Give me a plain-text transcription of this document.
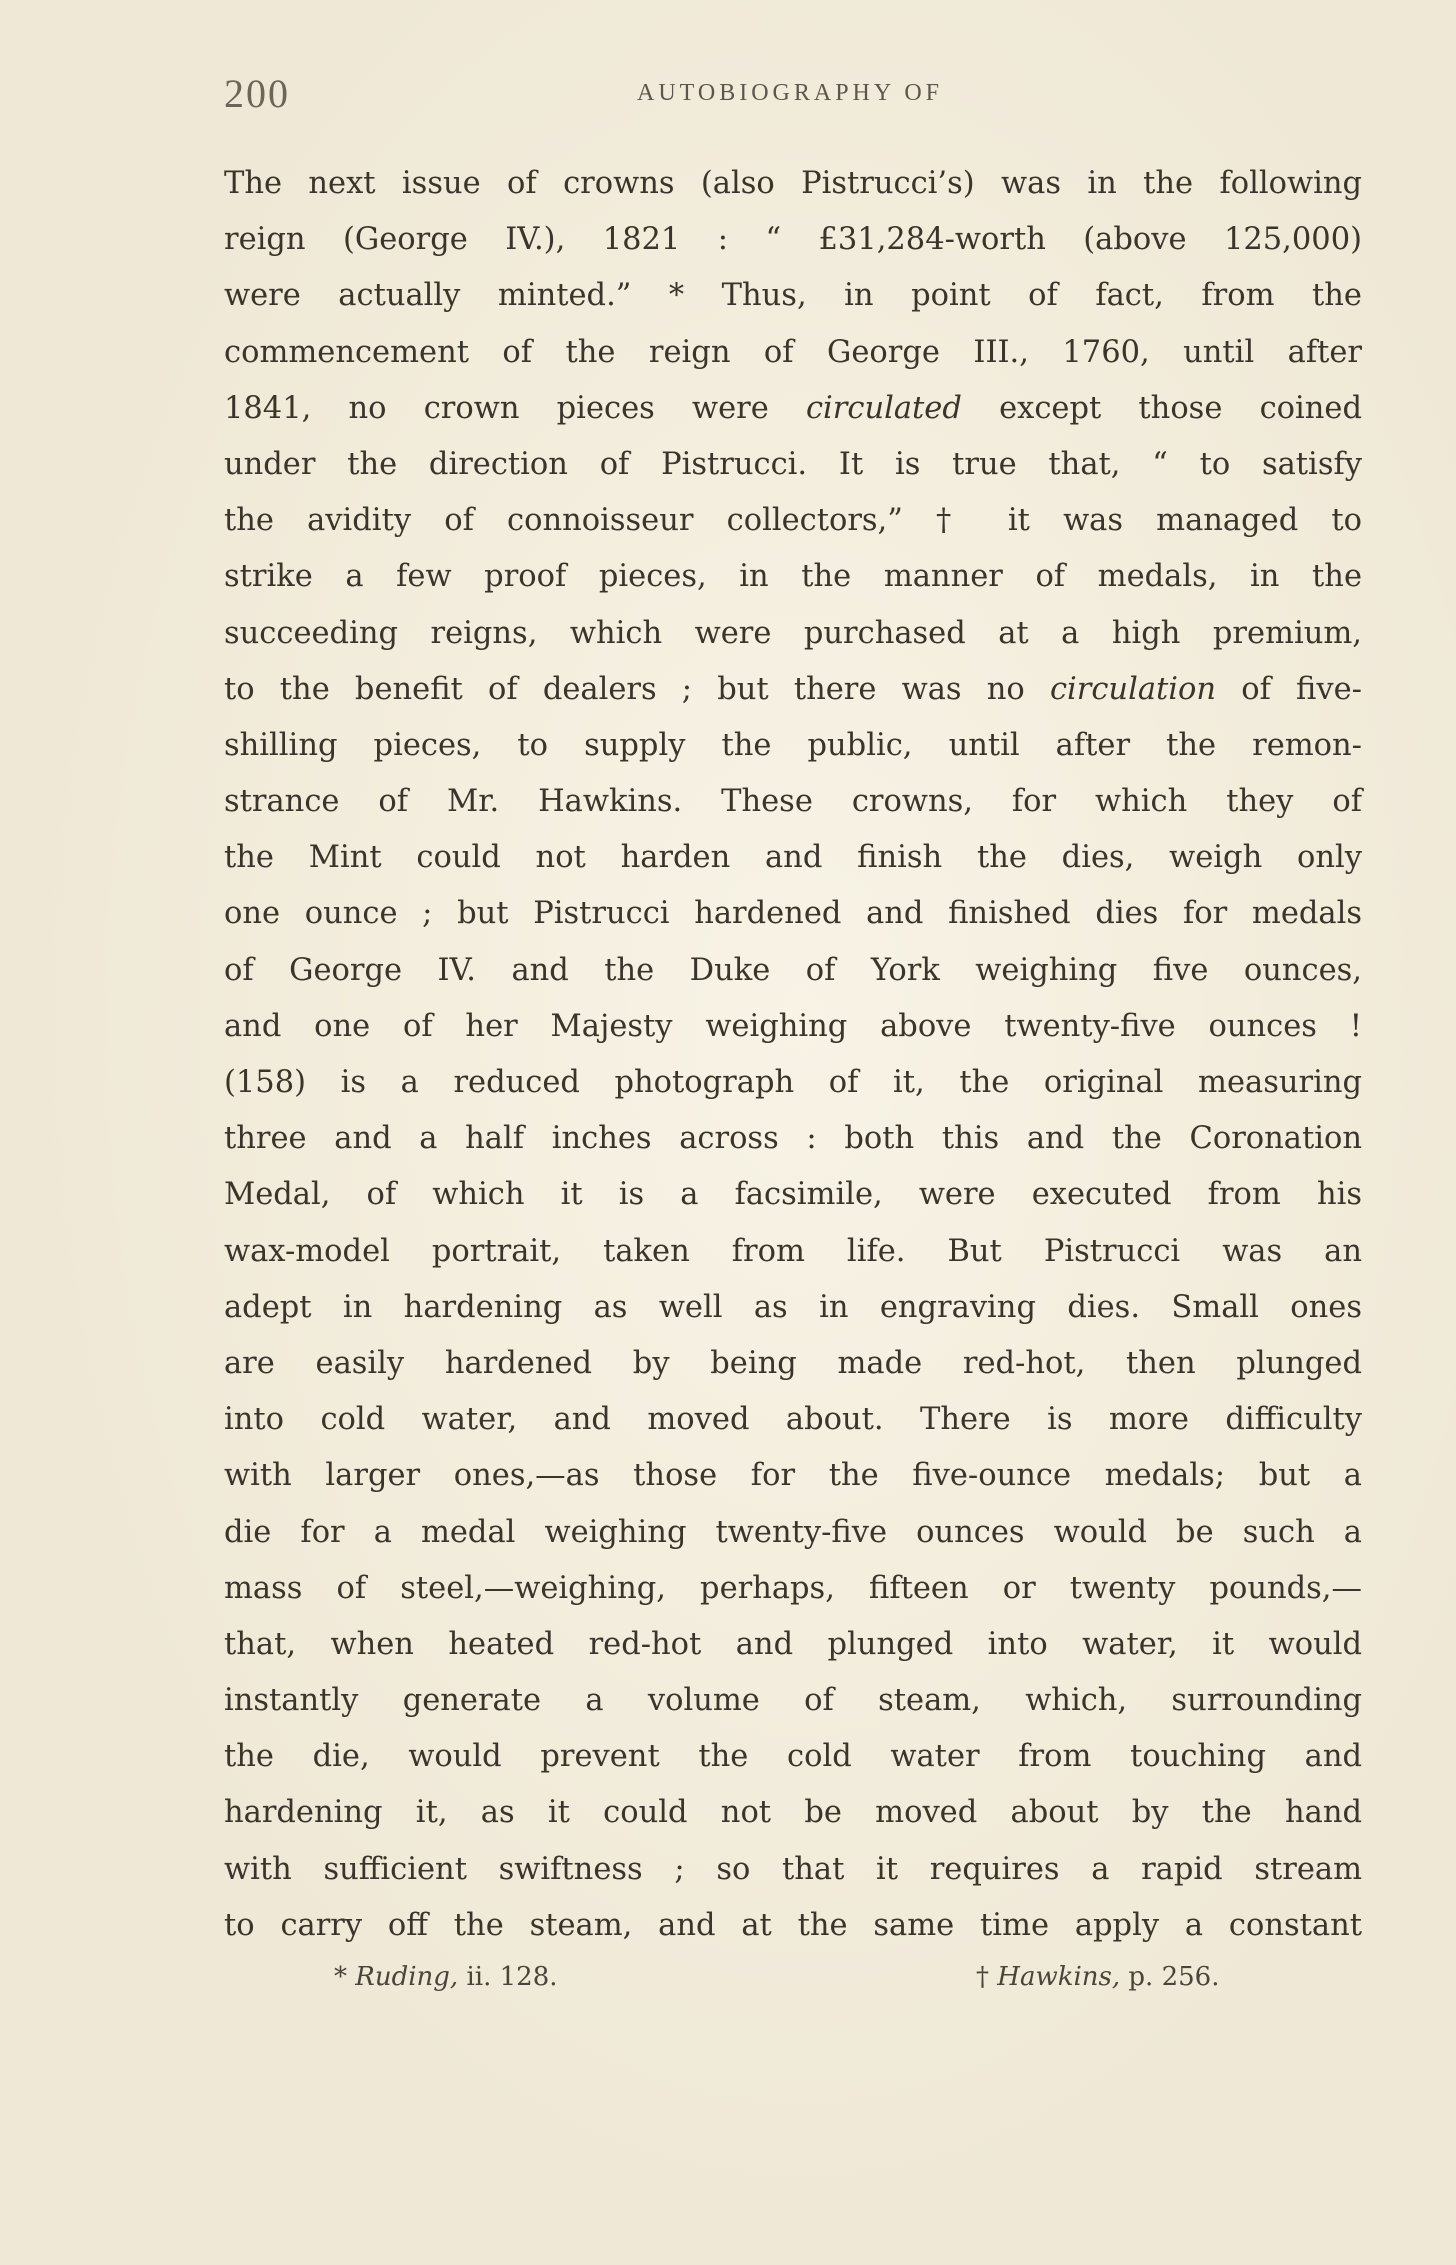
200	AUTOBIOGRAPHY OF
The next issue of crowns (also Pistrucci’s) was in the following
reign (George IV.), 1821 : “ £31,284-worth (above 125,000)
were actually minted.” * Thus, in point of fact, from the
commencement of the reign of George III., 1760, until after
1841, no crown pieces were circulated except those coined
under the direction of Pistrucci. It is true that, “ to satisfy
the avidity of connoisseur collectors,” † it was managed to
strike a few proof pieces, in the manner of medals, in the
succeeding reigns, which were purchased at a high premium,
to the benefit of dealers ; but there was no circulation of five-
shilling pieces, to supply the public, until after the remon-
strance of Mr. Hawkins. These crowns, for which they of
the Mint could not harden and finish the dies, weigh only
one ounce ; but Pistrucci hardened and finished dies for medals
of George IV. and the Duke of York weighing five ounces,
and one of her Majesty weighing above twenty-five ounces !
(158) is a reduced photograph of it, the original measuring
three and a half inches across : both this and the Coronation
Medal, of which it is a facsimile, were executed from his
wax-model portrait, taken from life. But Pistrucci was an
adept in hardening as well as in engraving dies. Small ones
are easily hardened by being made red-hot, then plunged
into cold water, and moved about. There is more difficulty
with larger ones,—as those for the five-ounce medals; but a
die for a medal weighing twenty-five ounces would be such a
mass of steel,—weighing, perhaps, fifteen or twenty pounds,—
that, when heated red-hot and plunged into water, it would
instantly generate a volume of steam, which, surrounding
the die, would prevent the cold water from touching and
hardening it, as it could not be moved about by the hand
with sufficient swiftness ; so that it requires a rapid stream
to carry off the steam, and at the same time apply a constant
* Ruding, ii. 128.	† Hawkins, p. 256.
